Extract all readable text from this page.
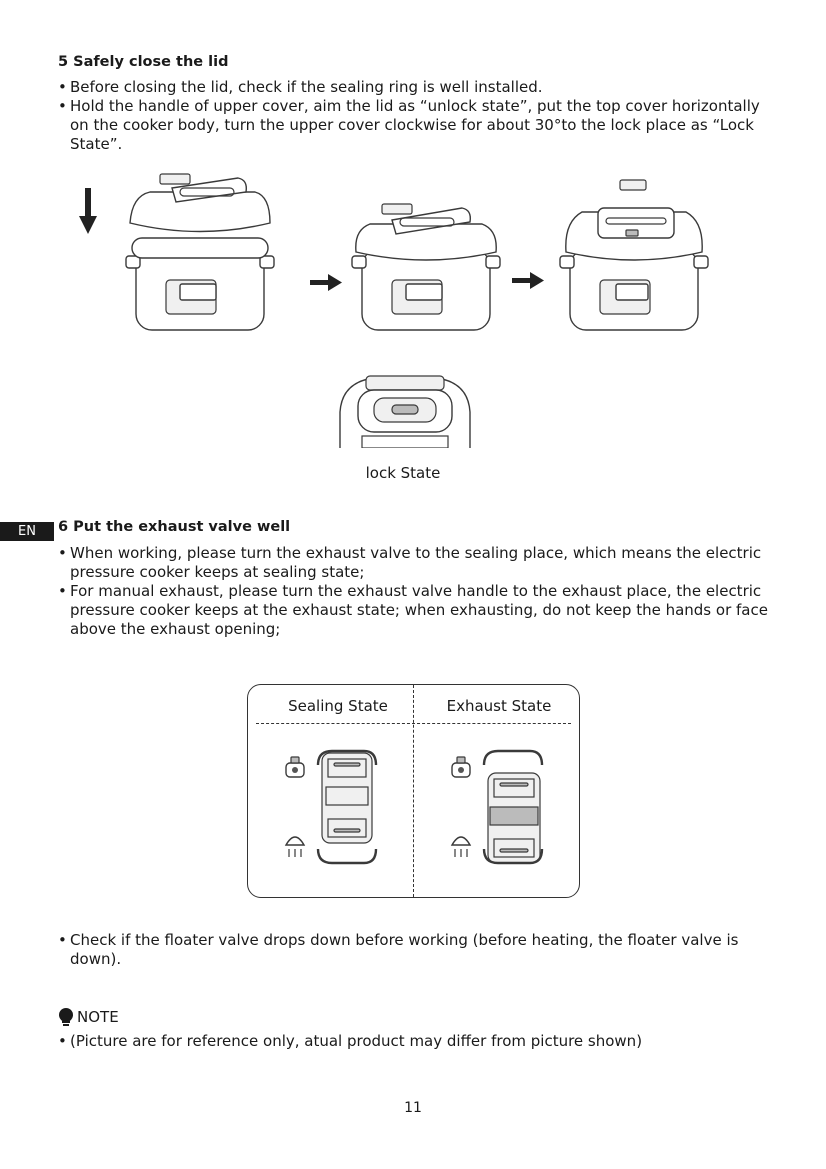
5 Safely close the lid
• Before closing the lid, check if the sealing ring is well installed.
• Hold the handle of upper cover, aim the lid as “unlock state”, put the top cover horizontally on the cooker body, turn the upper cover clockwise for about 30°to the lock place as “Lock State”.
lock State
EN	6 Put the exhaust valve well
• When working, please turn the exhaust valve to the sealing place, which means the electric pressure cooker keeps at sealing state;
• For manual exhaust, please turn the exhaust valve handle to the exhaust place, the electric pressure cooker keeps at the exhaust state; when exhausting, do not keep the hands or face above the exhaust opening;
Sealing State	Exhaust State
• Check if the floater valve drops down before working (before heating, the floater valve is down).
NOTE
• (Picture are for reference only, atual product may differ from picture shown)
11
